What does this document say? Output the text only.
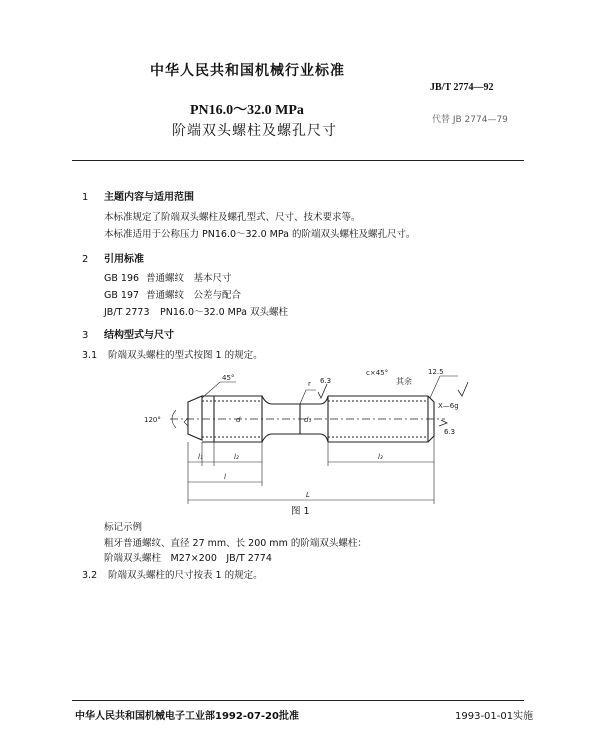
中华人民共和国机械行业标准
JB/T 2774—92
PN16.0～32.0 MPa
阶端双头螺柱及螺孔尺寸
代替 JB 2774—79
1 主题内容与适用范围
本标准规定了阶端双头螺柱及螺孔型式、尺寸、技术要求等。
本标准适用于公称压力 PN16.0～32.0 MPa 的阶端双头螺柱及螺孔尺寸。
2 引用标准
GB 196 普通螺纹　基本尺寸
GB 197 普通螺纹　公差与配合
JB/T 2773 PN16.0～32.0 MPa 双头螺柱
3 结构型式与尺寸
3.1 阶端双头螺柱的型式按图 1 的规定。
45°
c×45°
其余
12.5
120°
r 6.3
6.3
d	d₁
X—6g
l₁	l₂	l₃
l
L
图 1
标记示例
粗牙普通螺纹、直径 27 mm、长 200 mm 的阶端双头螺柱：
阶端双头螺柱　M27×200　JB/T 2774
3.2 阶端双头螺柱的尺寸按表 1 的规定。
中华人民共和国机械电子工业部1992-07-20批准	1993-01-01实施
